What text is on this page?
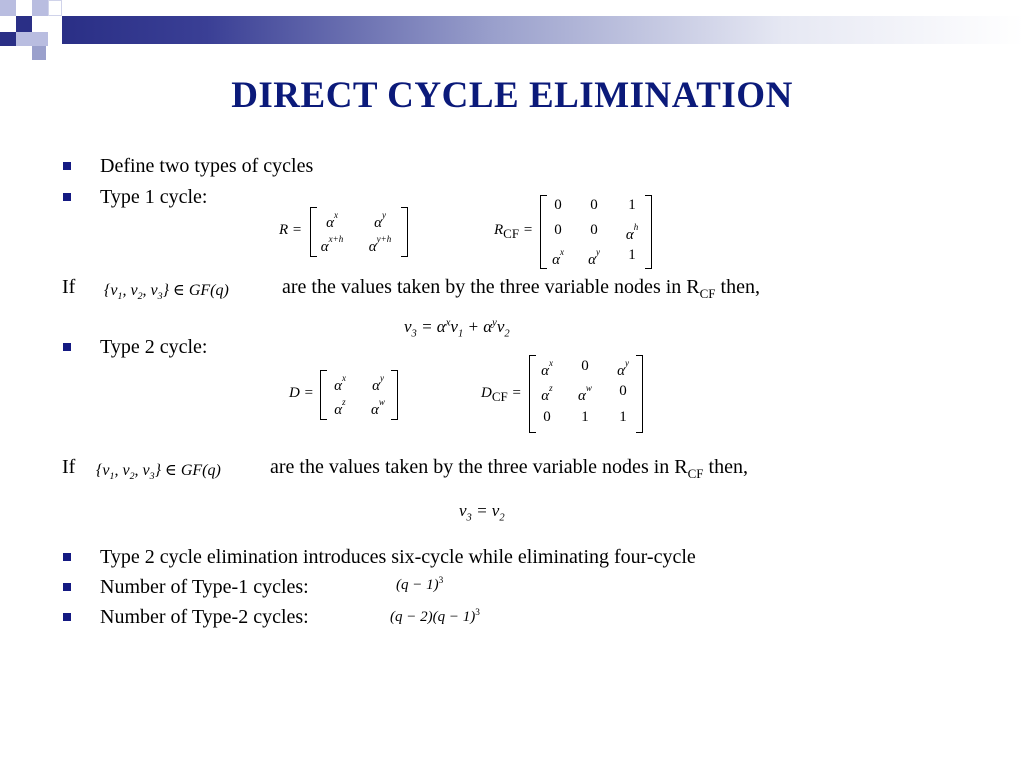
DIRECT CYCLE ELIMINATION
Define two types of cycles
Type 1 cycle:
R =	$\alpha^x$	$\alpha^y$
$\alpha^{x+h}$	$\alpha^{y+h}$
RCF =
0	0	1
0	0	$\alpha^h$
$\alpha^x$	$\alpha^y$	1
If {$v_1$, $v_2$, $v_3$} ∈ GF(q)	are the values taken by the three variable nodes in $R_{CF}$ then,
$v_3 = \alpha^xv_1 + \alpha^yv_2$
Type 2 cycle:
D =	$\alpha^x$	$\alpha^y$
$\alpha^z$	$\alpha^w$
DCF =
$\alpha^x$	0	$\alpha^y$
$\alpha^z$	$\alpha^w$	0
0	1	1
If {$v_1$, $v_2$, $v_3$} ∈ GF(q) are the values taken by the three variable nodes in $R_{CF}$ then,
$v_3 = v_2$
Type 2 cycle elimination introduces six-cycle while eliminating four-cycle
Number of Type-1 cycles:	$(q - 1)^3$
Number of Type-2 cycles:	$(q - 2)(q - 1)^3$
